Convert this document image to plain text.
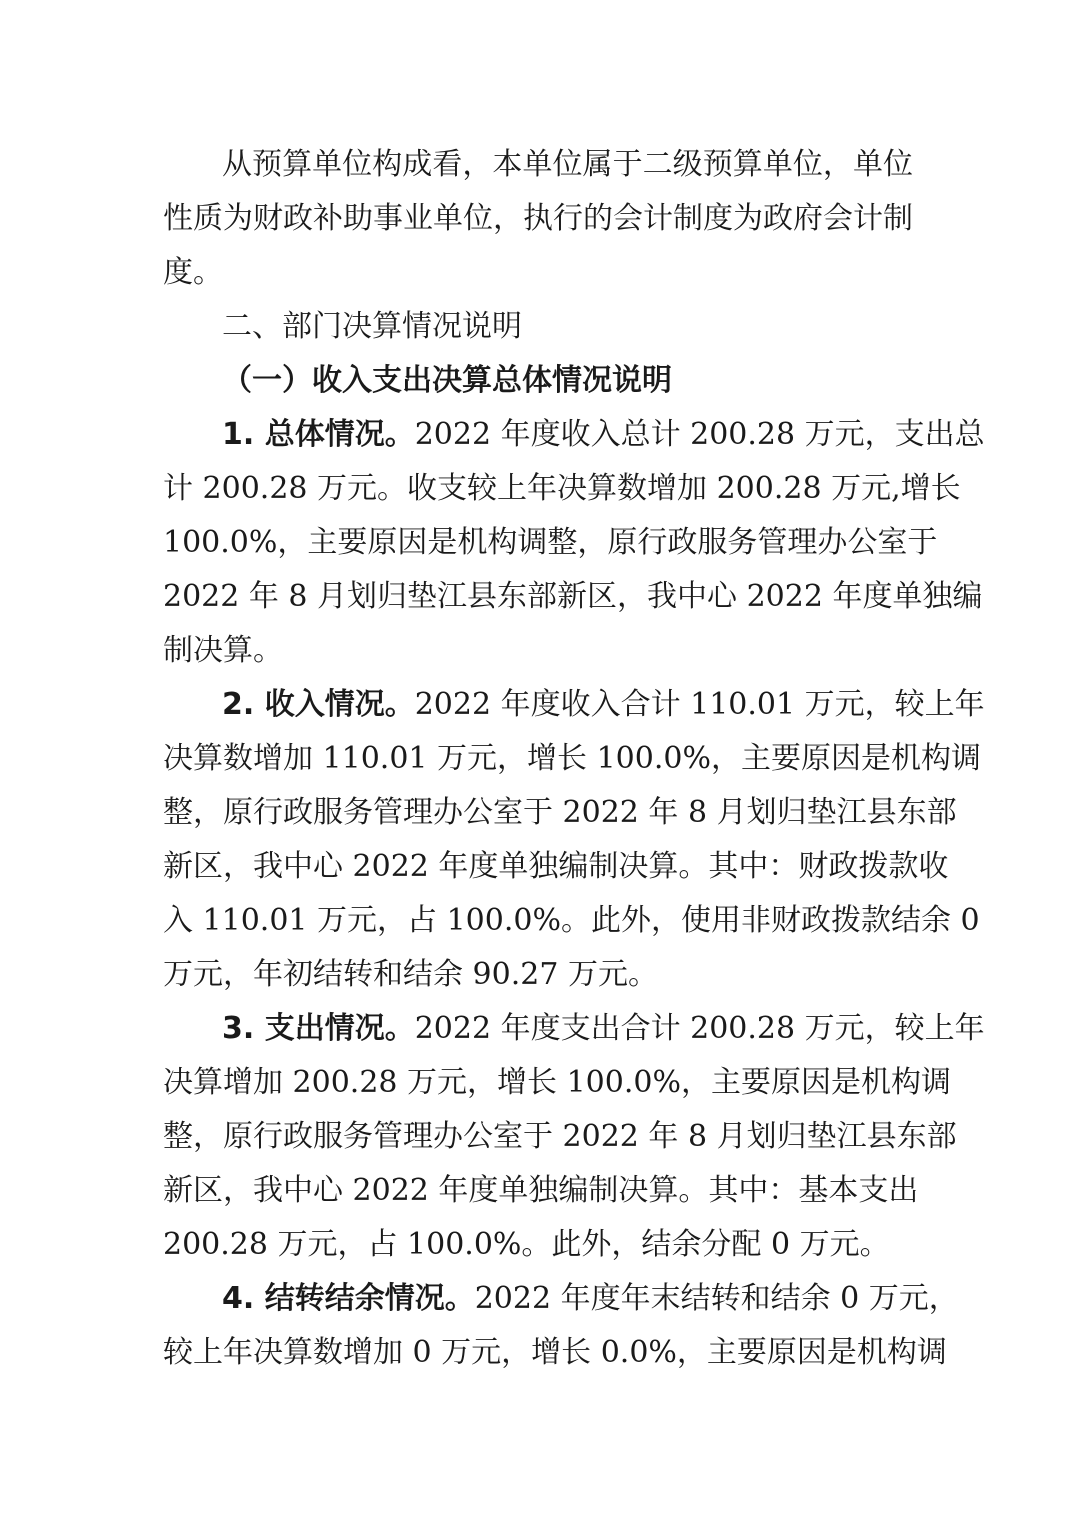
从预算单位构成看，本单位属于二级预算单位，单位
性质为财政补助事业单位，执行的会计制度为政府会计制
度。
二、部门决算情况说明
（一）收入支出决算总体情况说明
1. 总体情况。2022 年度收入总计 200.28 万元，支出总
计 200.28 万元。收支较上年决算数增加 200.28 万元,增长
100.0%，主要原因是机构调整，原行政服务管理办公室于
2022 年 8 月划归垫江县东部新区，我中心 2022 年度单独编
制决算。
2. 收入情况。2022 年度收入合计 110.01 万元，较上年
决算数增加 110.01 万元，增长 100.0%，主要原因是机构调
整，原行政服务管理办公室于 2022 年 8 月划归垫江县东部
新区，我中心 2022 年度单独编制决算。其中：财政拨款收
入 110.01 万元，占 100.0%。此外，使用非财政拨款结余 0
万元，年初结转和结余 90.27 万元。
3. 支出情况。2022 年度支出合计 200.28 万元，较上年
决算增加 200.28 万元，增长 100.0%，主要原因是机构调
整，原行政服务管理办公室于 2022 年 8 月划归垫江县东部
新区，我中心 2022 年度单独编制决算。其中：基本支出
200.28 万元，占 100.0%。此外，结余分配 0 万元。
4. 结转结余情况。2022 年度年末结转和结余 0 万元，
较上年决算数增加 0 万元，增长 0.0%，主要原因是机构调
